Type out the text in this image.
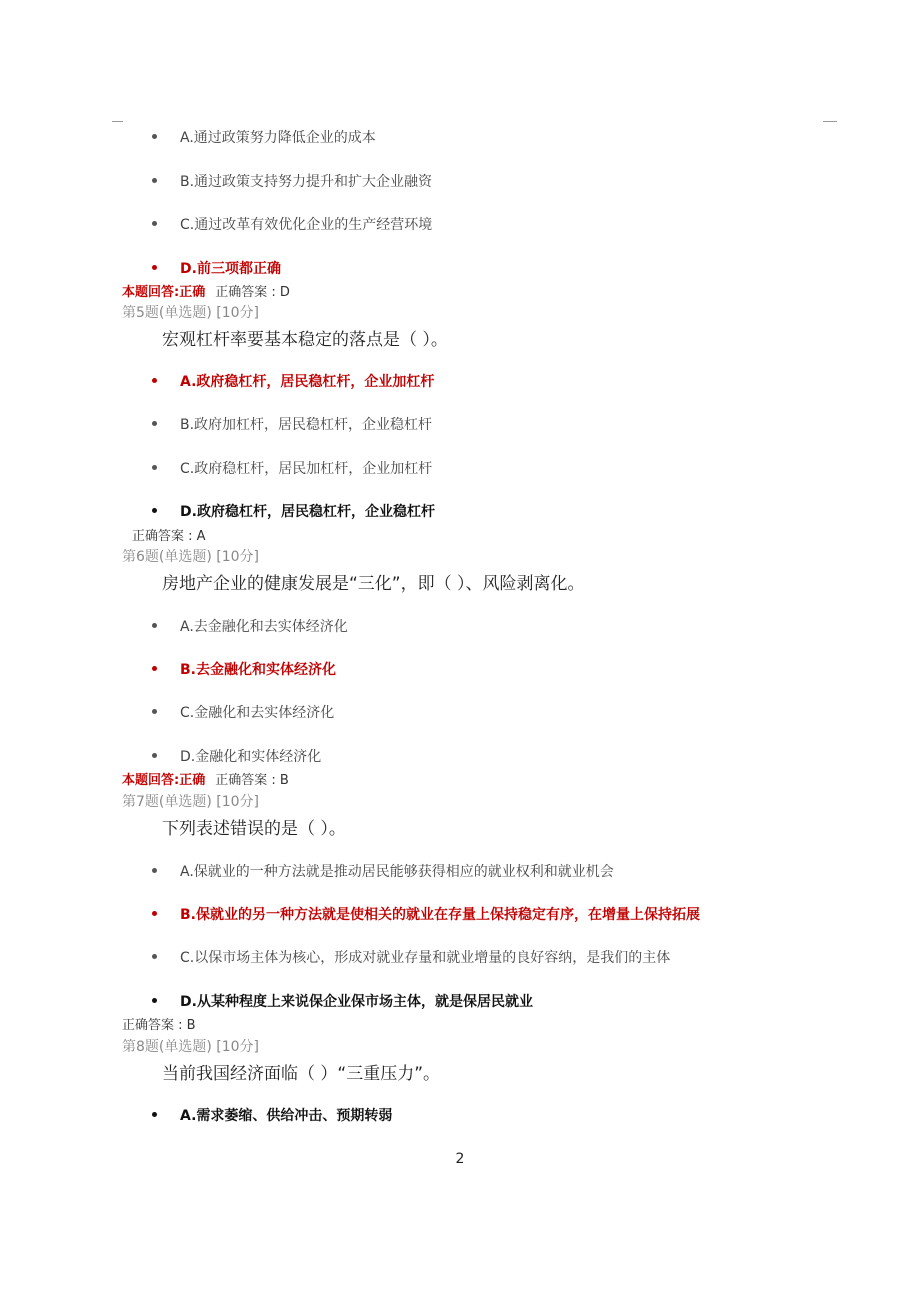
A.通过政策努力降低企业的成本
B.通过政策支持努力提升和扩大企业融资
C.通过改革有效优化企业的生产经营环境
D.前三项都正确
本题回答:正确 正确答案 : D
第5题(单选题) [10分]
宏观杠杆率要基本稳定的落点是（ ）。
A.政府稳杠杆，居民稳杠杆，企业加杠杆
B.政府加杠杆，居民稳杠杆，企业稳杠杆
C.政府稳杠杆，居民加杠杆，企业加杠杆
D.政府稳杠杆，居民稳杠杆，企业稳杠杆
正确答案 : A
第6题(单选题) [10分]
房地产企业的健康发展是“三化”，即（ ）、风险剥离化。
A.去金融化和去实体经济化
B.去金融化和实体经济化
C.金融化和去实体经济化
D.金融化和实体经济化
本题回答:正确 正确答案 : B
第7题(单选题) [10分]
下列表述错误的是（ ）。
A.保就业的一种方法就是推动居民能够获得相应的就业权利和就业机会
B.保就业的另一种方法就是使相关的就业在存量上保持稳定有序，在增量上保持拓展
C.以保市场主体为核心，形成对就业存量和就业增量的良好容纳，是我们的主体
D.从某种程度上来说保企业保市场主体，就是保居民就业
正确答案 : B
第8题(单选题) [10分]
当前我国经济面临（ ）“三重压力”。
A.需求萎缩、供给冲击、预期转弱
2
